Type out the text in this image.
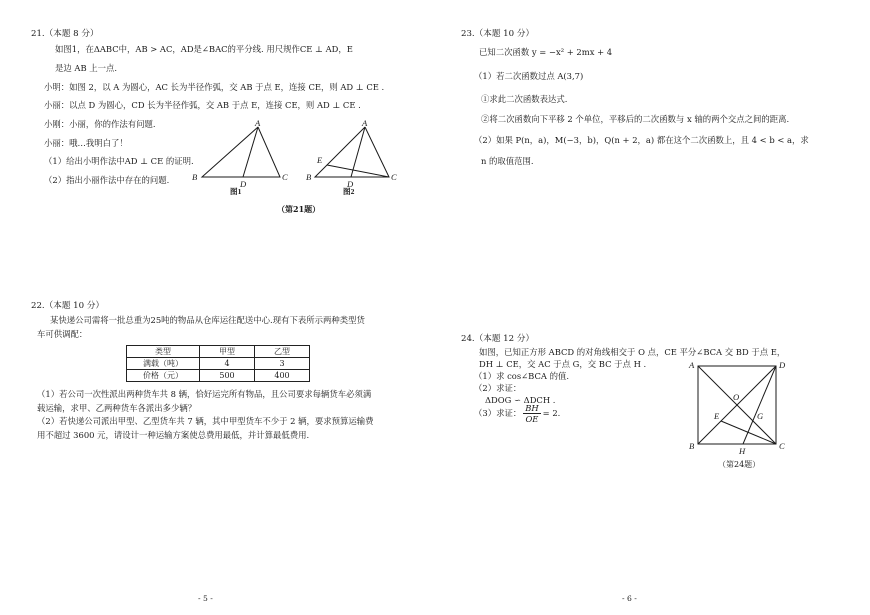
21.（本题 8 分）
如图1，在ΔABC中，AB > AC，AD是∠BAC的平分线. 用尺规作CE ⊥ AD，E
是边 AB 上一点.
小明：如图 2，以 A 为圆心，AC 长为半径作弧，交 AB 于点 E，连接 CE，则 AD ⊥ CE .
小丽：以点 D 为圆心，CD 长为半径作弧，交 AB 于点 E，连接 CE，则 AD ⊥ CE .
小刚：小丽，你的作法有问题.
小丽：哦…我明白了！
（1）给出小明作法中AD ⊥ CE 的证明.
（2）指出小丽作法中存在的问题.
A
B	C
D
图1
A
E
B	C
D
图2
（第21题）
22.（本题 10 分）
某快递公司需将一批总重为25吨的物品从仓库运往配送中心.现有下表所示两种类型货
车可供调配：
类型	甲型	乙型
满载（吨）	4	3
价格（元）	500	400
（1）若公司一次性派出两种货车共 8 辆，恰好运完所有物品，且公司要求每辆货车必须满
载运输，求甲、乙两种货车各派出多少辆？
（2）若快递公司派出甲型、乙型货车共 7 辆，其中甲型货车不少于 2 辆，要求预算运输费
用不超过 3600 元，请设计一种运输方案使总费用最低，并计算最低费用.
23.（本题 10 分）
已知二次函数 y = −x² + 2mx + 4
（1）若二次函数过点 A(3,7)
①求此二次函数表达式.
②将二次函数向下平移 2 个单位，平移后的二次函数与 x 轴的两个交点之间的距离.
（2）如果 P(n，a)，M(−3，b)，Q(n + 2，a) 都在这个二次函数上，且 4 < b < a，求
n 的取值范围.
24.（本题 12 分）
如图，已知正方形 ABCD 的对角线相交于 O 点，CE 平分∠BCA 交 BD 于点 E，
DH ⊥ CE，交 AC 于点 G，交 BC 于点 H .
（1）求 cos∠BCA 的值.
（2）求证：
ΔDOG ∽ ΔDCH .
（3）求证： $\frac{BH}{OE} = 2$.
A	D
B	C
O
E	G
H
（第24题）
- 5 -	- 6 -
